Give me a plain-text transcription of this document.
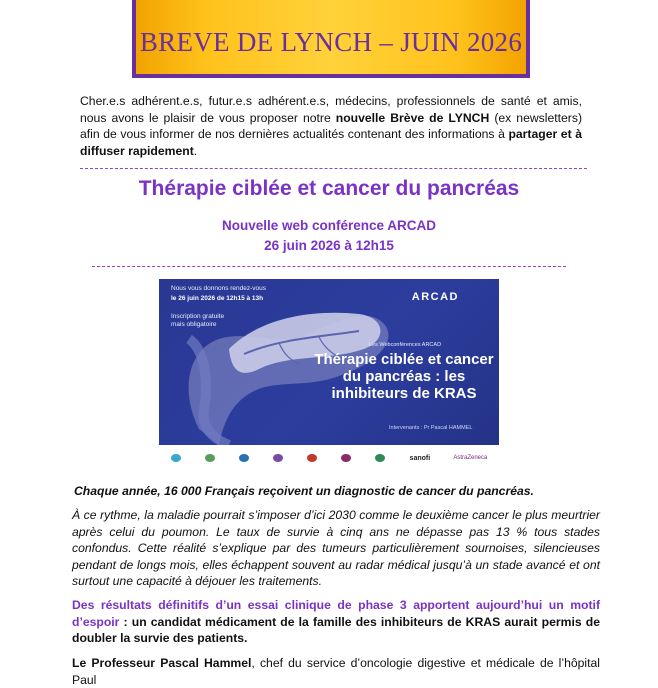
BREVE DE LYNCH – JUIN 2026
Cher.e.s adhérent.e.s, futur.e.s adhérent.e.s, médecins, professionnels de santé et amis, nous avons le plaisir de vous proposer notre nouvelle Brève de LYNCH (ex newsletters) afin de vous informer de nos dernières actualités contenant des informations à partager et à diffuser rapidement.
Thérapie ciblée et cancer du pancréas
Nouvelle web conférence ARCAD
26 juin 2026 à 12h15
Nous vous donnons rendez-vous
le 26 juin 2026 de 12h15 à 13h
Inscription gratuite
mais obligatoire
ARCAD
Les Webconférences ARCAD
Thérapie ciblée et cancer du pancréas : les inhibiteurs de KRAS
Intervenants : Pr Pascal HAMMEL
sanofi	AstraZeneca
Chaque année, 16 000 Français reçoivent un diagnostic de cancer du pancréas.
À ce rythme, la maladie pourrait s’imposer d’ici 2030 comme le deuxième cancer le plus meurtrier après celui du poumon. Le taux de survie à cinq ans ne dépasse pas 13 % tous stades confondus. Cette réalité s’explique par des tumeurs particulièrement sournoises, silencieuses pendant de longs mois, elles échappent souvent au radar médical jusqu’à un stade avancé et ont surtout une capacité à déjouer les traitements.
Des résultats définitifs d’un essai clinique de phase 3 apportent aujourd’hui un motif d’espoir : un candidat médicament de la famille des inhibiteurs de KRAS aurait permis de doubler la survie des patients.
Le Professeur Pascal Hammel, chef du service d’oncologie digestive et médicale de l’hôpital Paul
